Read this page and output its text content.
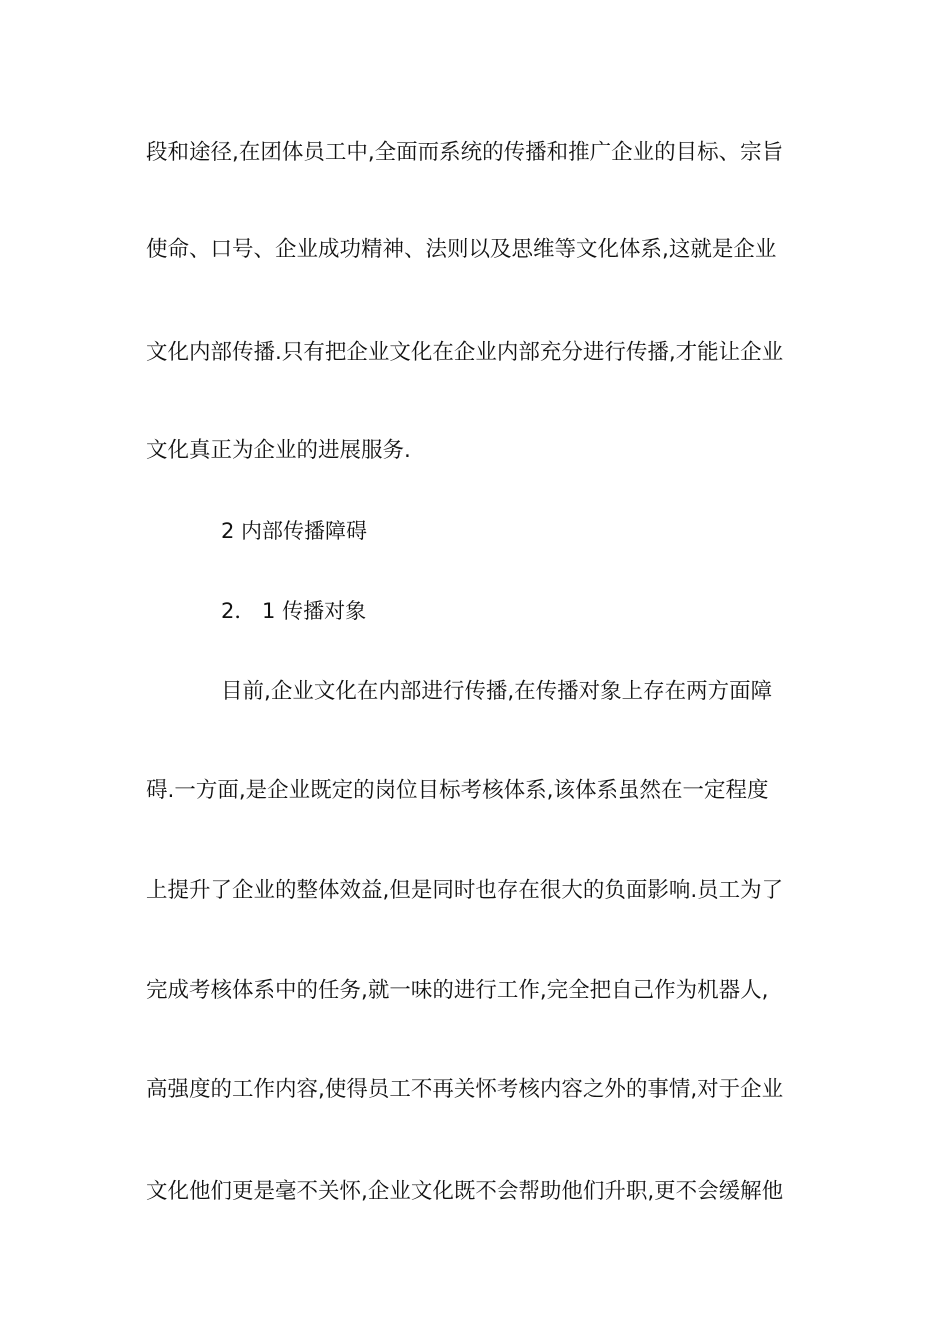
段和途径,在团体员工中,全面而系统的传播和推广企业的目标、宗旨
使命、口号、企业成功精神、法则以及思维等文化体系,这就是企业
文化内部传播.只有把企业文化在企业内部充分进行传播,才能让企业
文化真正为企业的进展服务.
2 内部传播障碍
2． 1 传播对象
目前,企业文化在内部进行传播,在传播对象上存在两方面障
碍.一方面,是企业既定的岗位目标考核体系,该体系虽然在一定程度
上提升了企业的整体效益,但是同时也存在很大的负面影响.员工为了
完成考核体系中的任务,就一味的进行工作,完全把自己作为机器人,
高强度的工作内容,使得员工不再关怀考核内容之外的事情,对于企业
文化他们更是毫不关怀,企业文化既不会帮助他们升职,更不会缓解他
